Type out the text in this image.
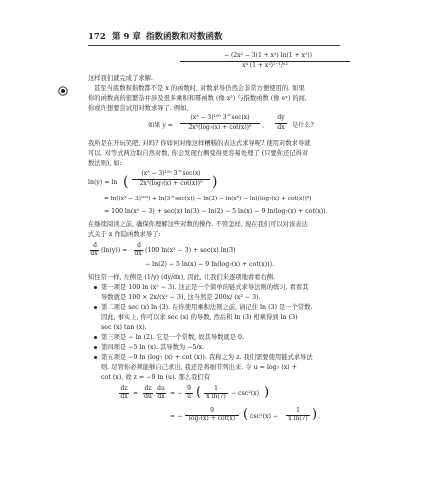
172 第 9 章 指数函数和对数函数
− (2x² − 3(1 + x²) ln(1 + x²))
x⁴ (1 + x²)¹⁻¹/ˣ²
这样我们就完成了求解.
甚至当底数和指数都不是 x 的函数时, 对数求导仍然会非常方便使用的. 如果
你的函数真的很繁杂并涉及很多乘积和幂函数 (像 x²) 与指数函数 (像 eˣ) 的商,
你或许想要尝试用对数求导了. 例如,
如果 y =
(x² − 3)¹⁰⁰ 3^sec(x)
2x⁵(log₇(x) + cot(x))⁹	,
dy
dx	是什么?
我所是在开玩笑吧, 对吗? 你如何对像这样糟糕的表达式求导呢? 使用对数求导就
可以. 对等式两边取自然对数, 你会发现右侧变得更容易处理了 (只要你还记得对
数法则), 如:
ln(y) = ln (
(x² − 3)¹⁰⁰ 3^sec(x)
2x⁵(log₇(x) + cot(x))⁹ )
= ln((x² − 3)¹⁰⁰) + ln(3^sec(x)) − ln(2) − ln(x⁵) − ln((log₇(x) + cot(x))⁹)
= 100 ln(x² − 3) + sec(x) ln(3) − ln(2) − 5 ln(x) − 9 ln(log₇(x) + cot(x)).
在继续阅读之前, 确保你理解这些对数的操作. 不管怎样, 现在我们可以对该表达
式关于 x 作隐函数求导了:
d
dx (ln(y)) =
d
dx (100 ln(x² − 3) + sec(x) ln(3)
− ln(2) − 5 ln(x) − 9 ln(log₇(x) + cot(x))).
知往常一样, 左侧是 (1/y) (dy/dx), 因此, 让我们来逐项地看看右侧.
第一项是 100 ln (x² − 3). 这正是一个简单的链式求导法则的练习, 看看其
导数就是 100 × 2x/(x² − 3), 这当然是 200x/ (x² − 3).
第二项是 sec (x) ln (3). 在你使用乘积法则之前, 请记住 ln (3) 是一个常数.
因此, 事实上, 你可以求 sec (x) 的导数, 然后和 ln (3) 相乘得到 ln (3)
sec (x) tan (x).
第三项是 − ln (2). 它是一个常数, 故其导数就是 0.
第四项是 −5 ln (x). 其导数为 −5/x.
第五项是 −9 ln (log₇ (x) + cot (x)). 我称之为 z. 我们需要使用链式求导法
则. 尽管你必须能够自己求出, 我还是将细节列出来. 令 u = log₇ (x) +
cot (x), 故 z = −9 ln (u). 那么我们有
dz
dx =
dz
du
du
dx = −
9
u (	1
x ln(7) − csc²(x) )
= −
9
log₇(x) + cot(x) ( csc²(x) −
1
x ln(7) ) .
